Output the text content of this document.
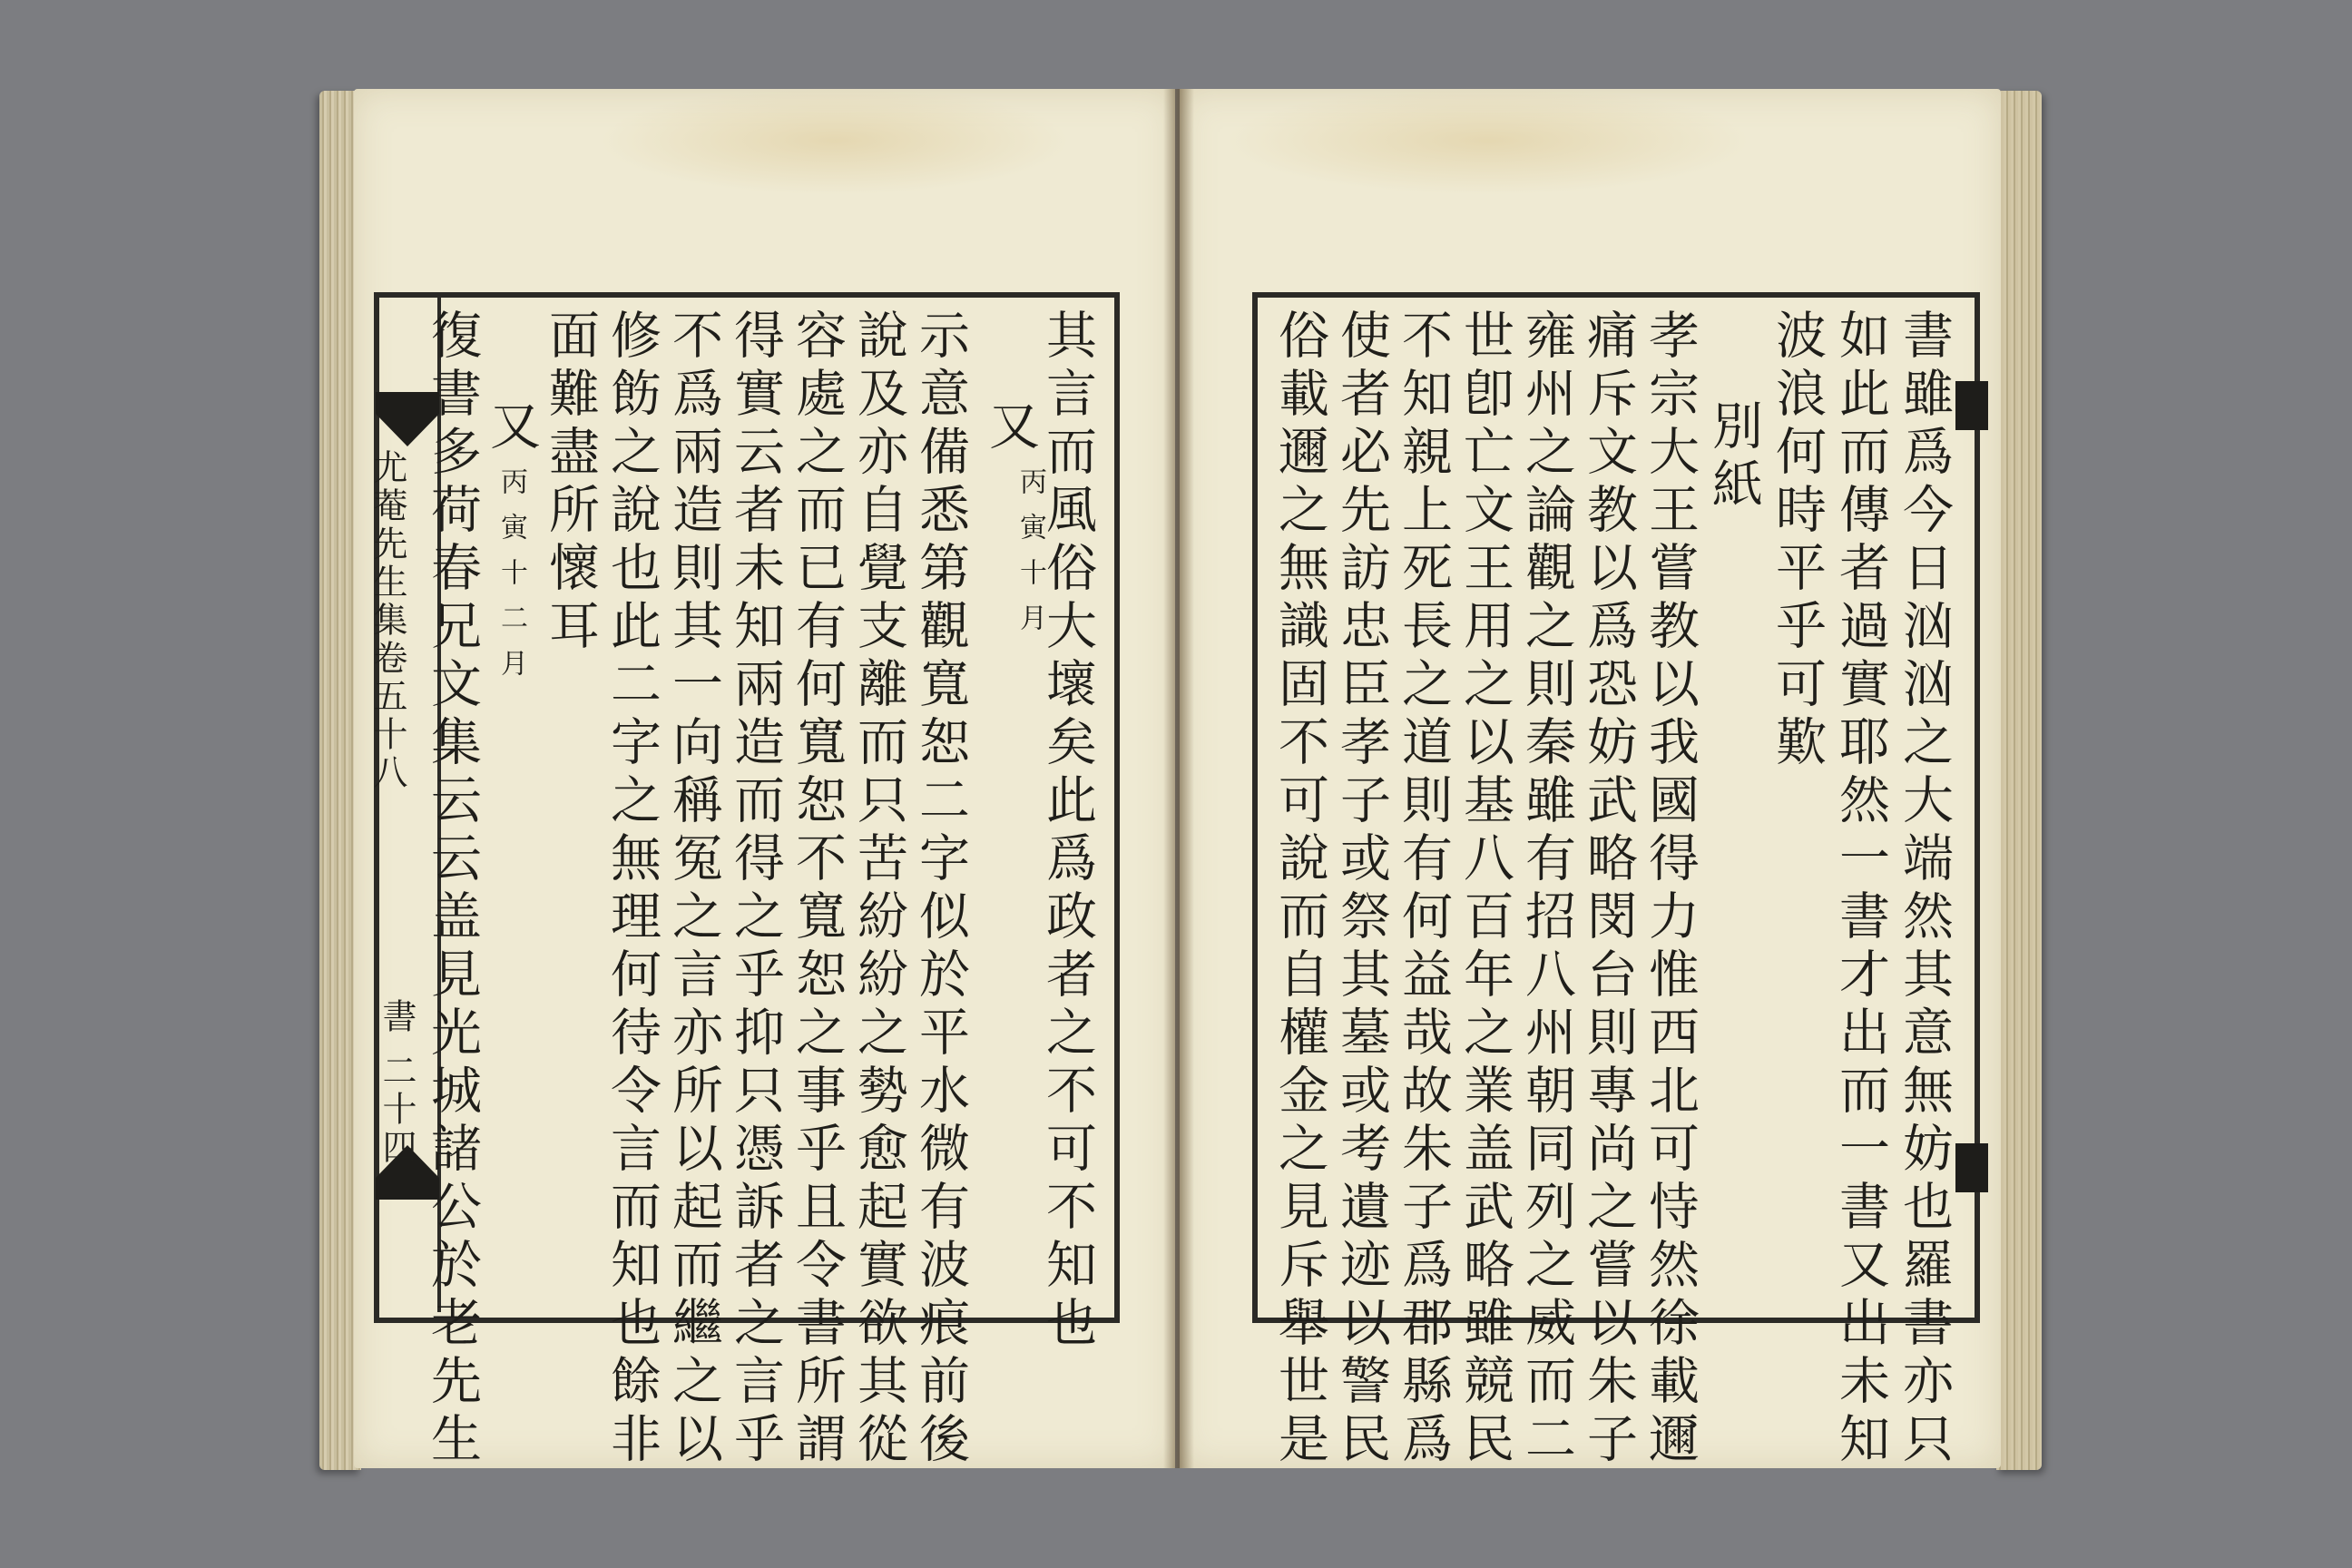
尤菴先生集卷五十八
書
二十四	其言而風俗大壞矣此爲政者之不可不知也
又
丙寅十月
示意備悉第觀寬恕二字似於平水微有波痕前後
說及亦自覺支離而只苦紛紛之勢愈起實欲其從
容處之而已有何寬恕不寬恕之事乎且令書所謂
得實云者未知兩造而得之乎抑只憑訴者之言乎
不爲兩造則其一向稱冤之言亦所以起而繼之以
修飭之說也此二字之無理何待令言而知也餘非
面難盡所懷耳
又
丙寅十二月
復書多荷春兄文集云云盖見光城諸公於老先生	書雖爲今日汹汹之大端然其意無妨也羅書亦只
如此而傳者過實耶然一書才出而一書又出未知
波浪何時平乎可歎
別紙
孝宗大王嘗教以我國得力惟西北可恃然徐載邇
痛斥文教以爲恐妨武略閔台則專尚之嘗以朱子
雍州之論觀之則秦雖有招八州朝同列之威而二
世卽亡文王用之以基八百年之業盖武略雖競民
不知親上死長之道則有何益哉故朱子爲郡縣爲
使者必先訪忠臣孝子或祭其墓或考遺迹以警民
俗載邇之無識固不可說而自權金之見斥舉世是
